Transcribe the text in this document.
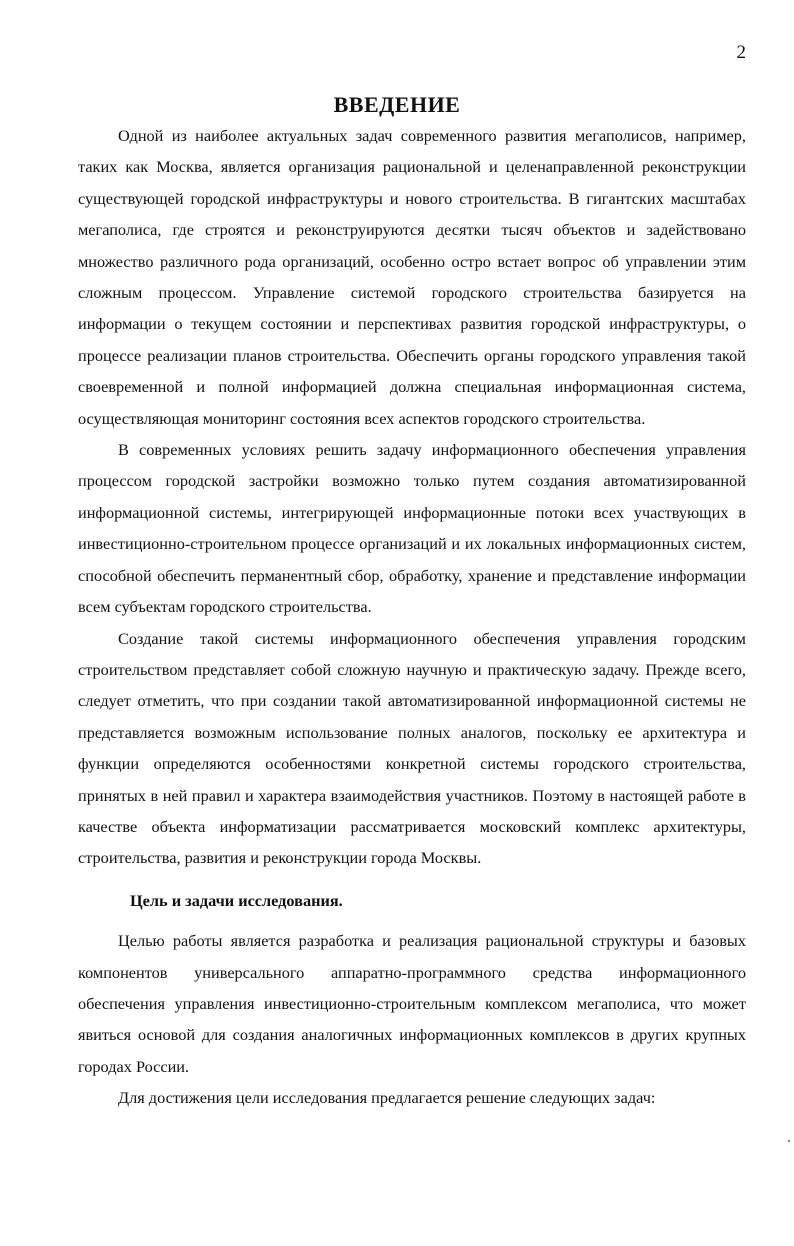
2
ВВЕДЕНИЕ

Одной из наиболее актуальных задач современного развития мегаполисов, например, таких как Москва, является организация рациональной и целенаправленной реконструкции существующей городской инфраструктуры и нового строительства. В гигантских масштабах мегаполиса, где строятся и реконструируются десятки тысяч объектов и задействовано множество различного рода организаций, особенно остро встает вопрос об управлении этим сложным процессом. Управление системой городского строительства базируется на информации о текущем состоянии и перспективах развития городской инфраструктуры, о процессе реализации планов строительства. Обеспечить органы городского управления такой своевременной и полной информацией должна специальная информационная система, осуществляющая мониторинг состояния всех аспектов городского строительства.

В современных условиях решить задачу информационного обеспечения управления процессом городской застройки возможно только путем создания автоматизированной информационной системы, интегрирующей информационные потоки всех участвующих в инвестиционно-строительном процессе организаций и их локальных информационных систем, способной обеспечить перманентный сбор, обработку, хранение и представление информации всем субъектам городского строительства.

Создание такой системы информационного обеспечения управления городским строительством представляет собой сложную научную и практическую задачу. Прежде всего, следует отметить, что при создании такой автоматизированной информационной системы не представляется возможным использование полных аналогов, поскольку ее архитектура и функции определяются особенностями конкретной системы городского строительства, принятых в ней правил и характера взаимодействия участников. Поэтому в настоящей работе в качестве объекта информатизации рассматривается московский комплекс архитектуры, строительства, развития и реконструкции города Москвы.

Цель и задачи исследования.

Целью работы является разработка и реализация рациональной структуры и базовых компонентов универсального аппаратно-программного средства информационного обеспечения управления инвестиционно-строительным комплексом мегаполиса, что может явиться основой для создания аналогичных информационных комплексов в других крупных городах России.

Для достижения цели исследования предлагается решение следующих задач:
